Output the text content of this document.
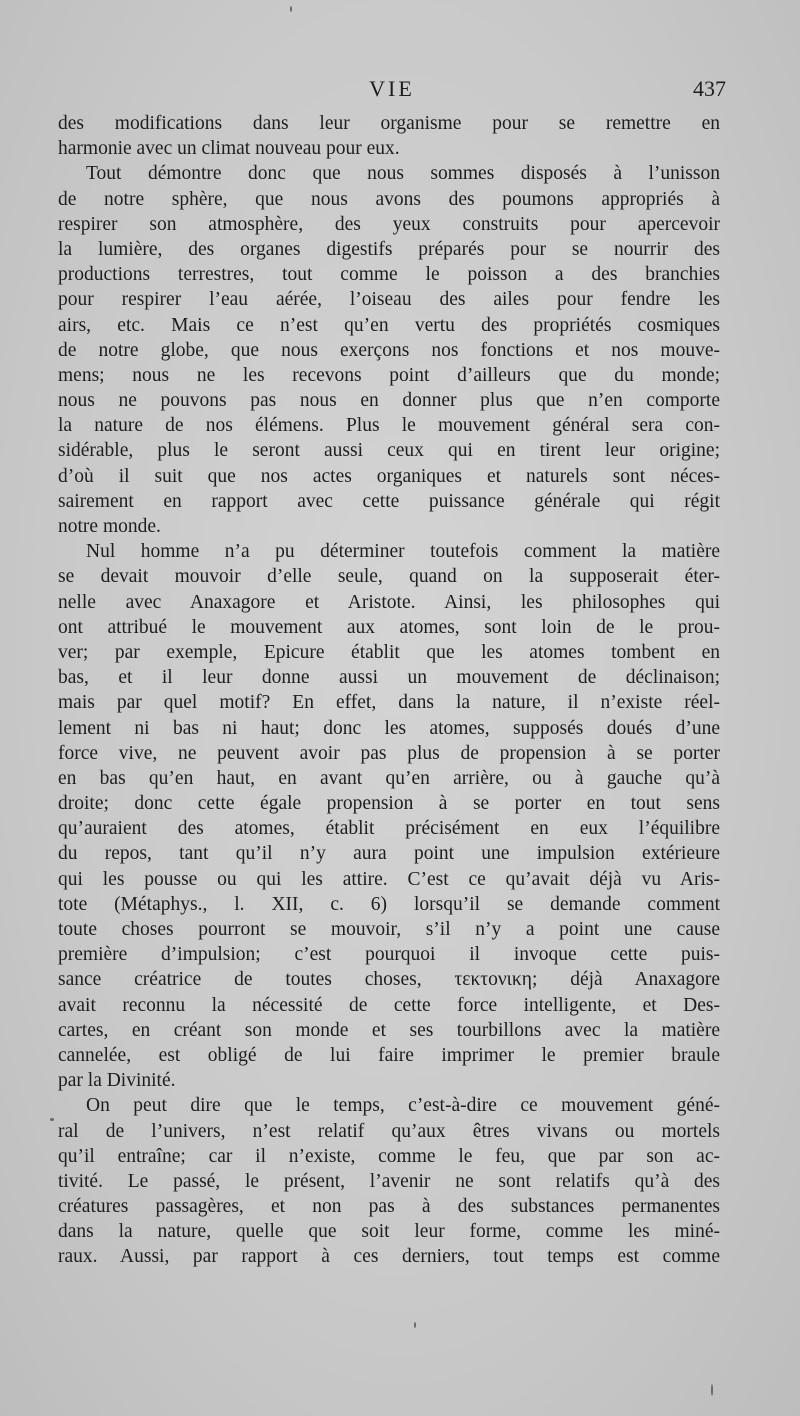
VIE	437
des modifications dans leur organisme pour se remettre en
harmonie avec un climat nouveau pour eux.
Tout démontre donc que nous sommes disposés à l’unisson
de notre sphère, que nous avons des poumons appropriés à
respirer son atmosphère, des yeux construits pour apercevoir
la lumière, des organes digestifs préparés pour se nourrir des
productions terrestres, tout comme le poisson a des branchies
pour respirer l’eau aérée, l’oiseau des ailes pour fendre les
airs, etc. Mais ce n’est qu’en vertu des propriétés cosmiques
de notre globe, que nous exerçons nos fonctions et nos mouve-
mens; nous ne les recevons point d’ailleurs que du monde;
nous ne pouvons pas nous en donner plus que n’en comporte
la nature de nos élémens. Plus le mouvement général sera con-
sidérable, plus le seront aussi ceux qui en tirent leur origine;
d’où il suit que nos actes organiques et naturels sont néces-
sairement en rapport avec cette puissance générale qui régit
notre monde.
Nul homme n’a pu déterminer toutefois comment la matière
se devait mouvoir d’elle seule, quand on la supposerait éter-
nelle avec Anaxagore et Aristote. Ainsi, les philosophes qui
ont attribué le mouvement aux atomes, sont loin de le prou-
ver; par exemple, Epicure établit que les atomes tombent en
bas, et il leur donne aussi un mouvement de déclinaison;
mais par quel motif? En effet, dans la nature, il n’existe réel-
lement ni bas ni haut; donc les atomes, supposés doués d’une
force vive, ne peuvent avoir pas plus de propension à se porter
en bas qu’en haut, en avant qu’en arrière, ou à gauche qu’à
droite; donc cette égale propension à se porter en tout sens
qu’auraient des atomes, établit précisément en eux l’équilibre
du repos, tant qu’il n’y aura point une impulsion extérieure
qui les pousse ou qui les attire. C’est ce qu’avait déjà vu Aris-
tote (Métaphys., l. XII, c. 6) lorsqu’il se demande comment
toute choses pourront se mouvoir, s’il n’y a point une cause
première d’impulsion; c’est pourquoi il invoque cette puis-
sance créatrice de toutes choses, τεκτονικη; déjà Anaxagore
avait reconnu la nécessité de cette force intelligente, et Des-
cartes, en créant son monde et ses tourbillons avec la matière
cannelée, est obligé de lui faire imprimer le premier braule
par la Divinité.
On peut dire que le temps, c’est-à-dire ce mouvement géné-
ral de l’univers, n’est relatif qu’aux êtres vivans ou mortels
qu’il entraîne; car il n’existe, comme le feu, que par son ac-
tivité. Le passé, le présent, l’avenir ne sont relatifs qu’à des
créatures passagères, et non pas à des substances permanentes
dans la nature, quelle que soit leur forme, comme les miné-
raux. Aussi, par rapport à ces derniers, tout temps est comme
